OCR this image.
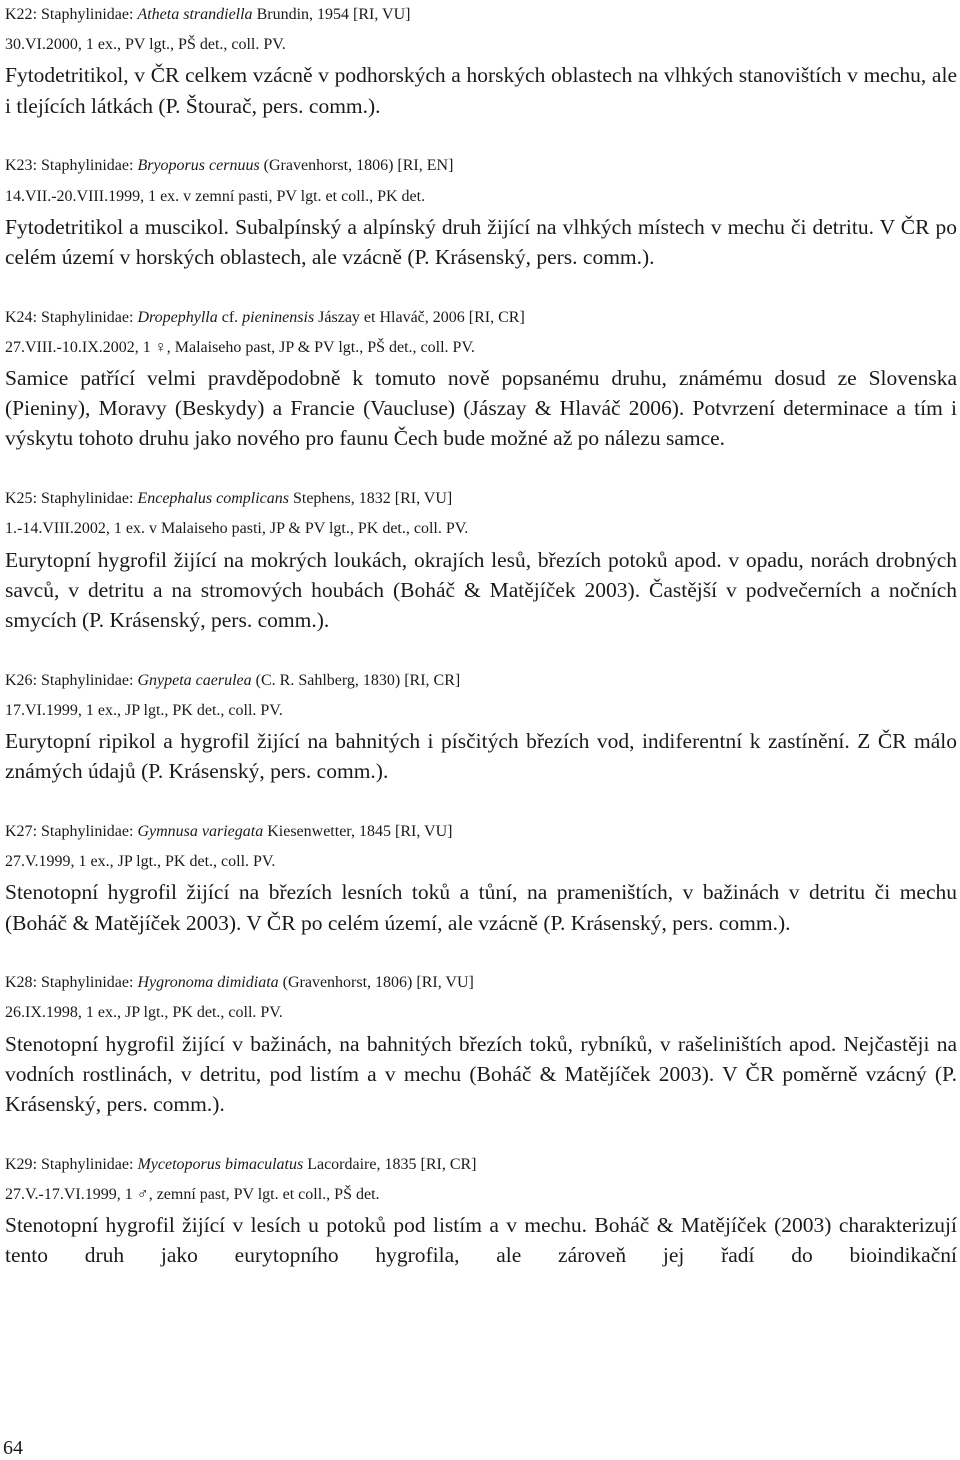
K22: Staphylinidae: Atheta strandiella Brundin, 1954 [RI, VU]

30.VI.2000, 1 ex., PV lgt., PŠ det., coll. PV.

Fytodetritikol, v ČR celkem vzácně v podhorských a horských oblastech na vlhkých stanovištích v mechu, ale i tlejících látkách (P. Štourač, pers. comm.).

K23: Staphylinidae: Bryoporus cernuus (Gravenhorst, 1806) [RI, EN]

14.VII.-20.VIII.1999, 1 ex. v zemní pasti, PV lgt. et coll., PK det.

Fytodetritikol a muscikol. Subalpínský a alpínský druh žijící na vlhkých místech v mechu či detritu. V ČR po celém území v horských oblastech, ale vzácně (P. Krásenský, pers. comm.).

K24: Staphylinidae: Dropephylla cf. pieninensis Jászay et Hlaváč, 2006 [RI, CR]

27.VIII.-10.IX.2002, 1 ♀, Malaiseho past, JP & PV lgt., PŠ det., coll. PV.

Samice patřící velmi pravděpodobně k tomuto nově popsanému druhu, známému dosud ze Slovenska (Pieniny), Moravy (Beskydy) a Francie (Vaucluse) (Jászay & Hlaváč 2006). Potvrzení determinace a tím i výskytu tohoto druhu jako nového pro faunu Čech bude možné až po nálezu samce.

K25: Staphylinidae: Encephalus complicans Stephens, 1832 [RI, VU]

1.-14.VIII.2002, 1 ex. v Malaiseho pasti, JP & PV lgt., PK det., coll. PV.

Eurytopní hygrofil žijící na mokrých loukách, okrajích lesů, březích potoků apod. v opadu, norách drobných savců, v detritu a na stromových houbách (Boháč & Matějíček 2003). Častější v podvečerních a nočních smycích (P. Krásenský, pers. comm.).

K26: Staphylinidae: Gnypeta caerulea (C. R. Sahlberg, 1830) [RI, CR]

17.VI.1999, 1 ex., JP lgt., PK det., coll. PV.

Eurytopní ripikol a hygrofil žijící na bahnitých i písčitých březích vod, indiferentní k zastínění. Z ČR málo známých údajů (P. Krásenský, pers. comm.).

K27: Staphylinidae: Gymnusa variegata Kiesenwetter, 1845 [RI, VU]

27.V.1999, 1 ex., JP lgt., PK det., coll. PV.

Stenotopní hygrofil žijící na březích lesních toků a tůní, na prameništích, v bažinách v detritu či mechu (Boháč & Matějíček 2003). V ČR po celém území, ale vzácně (P. Krásenský, pers. comm.).

K28: Staphylinidae: Hygronoma dimidiata (Gravenhorst, 1806) [RI, VU]

26.IX.1998, 1 ex., JP lgt., PK det., coll. PV.

Stenotopní hygrofil žijící v bažinách, na bahnitých březích toků, rybníků, v rašeliništích apod. Nejčastěji na vodních rostlinách, v detritu, pod listím a v mechu (Boháč & Matějíček 2003). V ČR poměrně vzácný (P. Krásenský, pers. comm.).

K29: Staphylinidae: Mycetoporus bimaculatus Lacordaire, 1835 [RI, CR]

27.V.-17.VI.1999, 1 ♂, zemní past, PV lgt. et coll., PŠ det.

Stenotopní hygrofil žijící v lesích u potoků pod listím a v mechu. Boháč & Matějíček (2003) charakterizují tento druh jako eurytopního hygrofila, ale zároveň jej řadí do bioindikační

64
